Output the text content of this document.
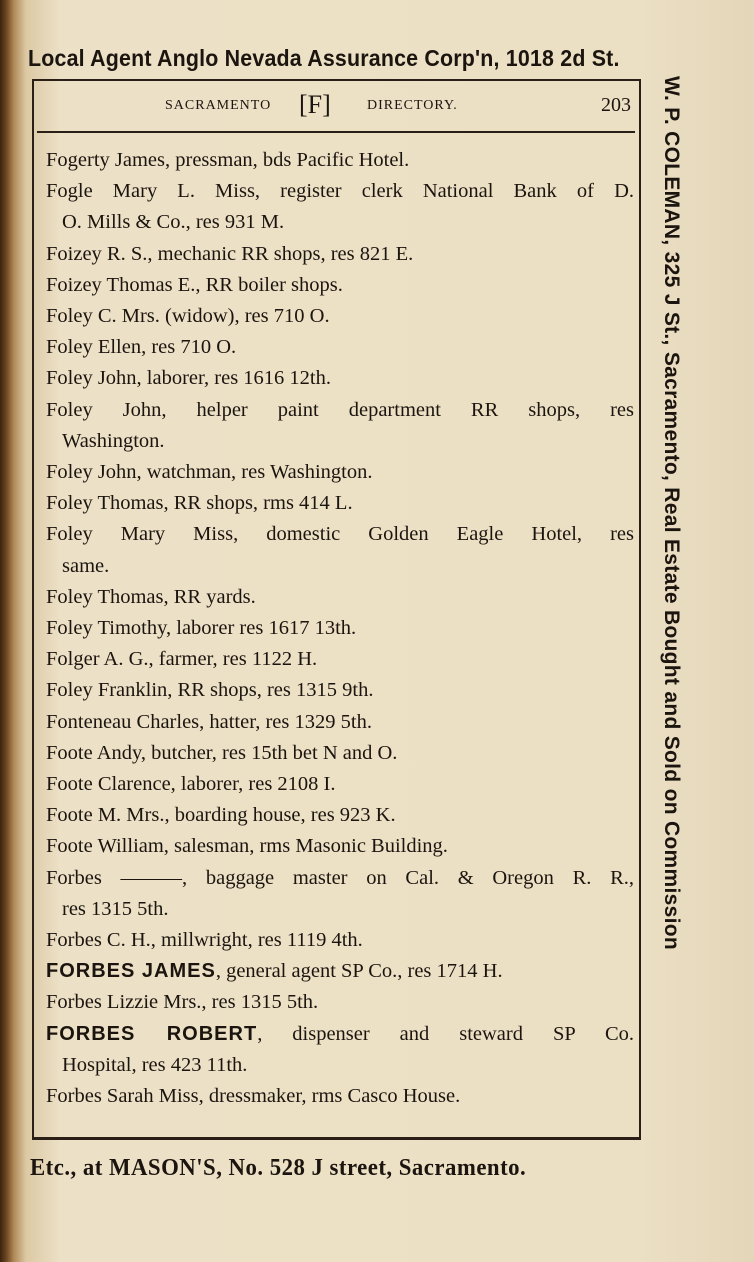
Local Agent Anglo Nevada Assurance Corp'n, 1018 2d St.
SACRAMENTO [F]	DIRECTORY.	203
Fogerty James, pressman, bds Pacific Hotel.
Fogle Mary L. Miss, register clerk National Bank of D.
O. Mills & Co., res 931 M.
Foizey R. S., mechanic RR shops, res 821 E.
Foizey Thomas E., RR boiler shops.
Foley C. Mrs. (widow), res 710 O.
Foley Ellen, res 710 O.
Foley John, laborer, res 1616 12th.
Foley John, helper paint department RR shops, res
Washington.
Foley John, watchman, res Washington.
Foley Thomas, RR shops, rms 414 L.
Foley Mary Miss, domestic Golden Eagle Hotel, res
same.
Foley Thomas, RR yards.
Foley Timothy, laborer res 1617 13th.
Folger A. G., farmer, res 1122 H.
Foley Franklin, RR shops, res 1315 9th.
Fonteneau Charles, hatter, res 1329 5th.
Foote Andy, butcher, res 15th bet N and O.
Foote Clarence, laborer, res 2108 I.
Foote M. Mrs., boarding house, res 923 K.
Foote William, salesman, rms Masonic Building.
Forbes ———, baggage master on Cal. & Oregon R. R.,
res 1315 5th.
Forbes C. H., millwright, res 1119 4th.
FORBES JAMES, general agent SP Co., res 1714 H.
Forbes Lizzie Mrs., res 1315 5th.
FORBES ROBERT, dispenser and steward SP Co.
Hospital, res 423 11th.
Forbes Sarah Miss, dressmaker, rms Casco House.
W. P. COLEMAN, 325 J St., Sacramento, Real Estate Bought and Sold on Commission
Etc., at MASON'S, No. 528 J street, Sacramento.
